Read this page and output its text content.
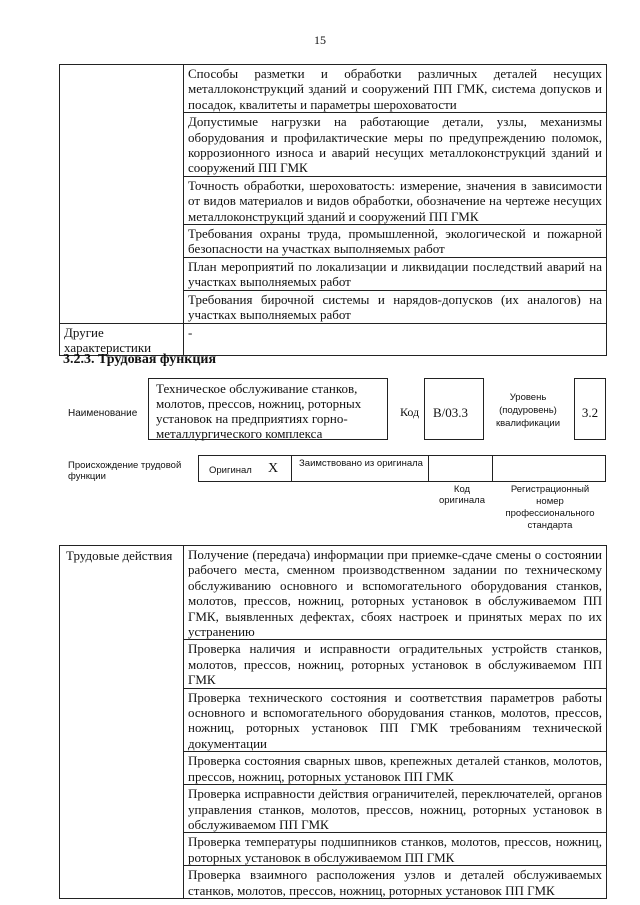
15
	Способы разметки и обработки различных деталей несущих металлоконструкций зданий и сооружений ПП ГМК, система допусков и посадок, квалитеты и параметры шероховатости
	Допустимые нагрузки на работающие детали, узлы, механизмы оборудования и профилактические меры по предупреждению поломок, коррозионного износа и аварий несущих металлоконструкций зданий и сооружений ПП ГМК
	Точность обработки, шероховатость: измерение, значения в зависимости от видов материалов и видов обработки, обозначение на чертеже несущих металлоконструкций зданий и сооружений ПП ГМК
	Требования охраны труда, промышленной, экологической и пожарной безопасности на участках выполняемых работ
	План мероприятий по локализации и ликвидации последствий аварий на участках выполняемых работ
	Требования бирочной системы и нарядов-допусков (их аналогов) на участках выполняемых работ
Другие характеристики	-
3.2.3. Трудовая функция
Наименование
Техническое обслуживание станков, молотов, прессов, ножниц, роторных установок на предприятиях горно-металлургического комплекса
Код	В/03.3
Уровень (подуровень) квалификации
3.2
Происхождение трудовой функции
Оригинал X	Заимствовано из оригинала
Код оригинала
Регистрационный номер профессионального стандарта
Трудовые действия	Получение (передача) информации при приемке-сдаче смены о состоянии рабочего места, сменном производственном задании по техническому обслуживанию основного и вспомогательного оборудования станков, молотов, прессов, ножниц, роторных установок в обслуживаемом ПП ГМК, выявленных дефектах, сбоях настроек и принятых мерах по их устранению
Проверка наличия и исправности оградительных устройств станков, молотов, прессов, ножниц, роторных установок в обслуживаемом ПП ГМК
Проверка технического состояния и соответствия параметров работы основного и вспомогательного оборудования станков, молотов, прессов, ножниц, роторных установок ПП ГМК требованиям технической документации
Проверка состояния сварных швов, крепежных деталей станков, молотов, прессов, ножниц, роторных установок ПП ГМК
Проверка исправности действия ограничителей, переключателей, органов управления станков, молотов, прессов, ножниц, роторных установок в обслуживаемом ПП ГМК
Проверка температуры подшипников станков, молотов, прессов, ножниц, роторных установок в обслуживаемом ПП ГМК
Проверка взаимного расположения узлов и деталей обслуживаемых станков, молотов, прессов, ножниц, роторных установок ПП ГМК
